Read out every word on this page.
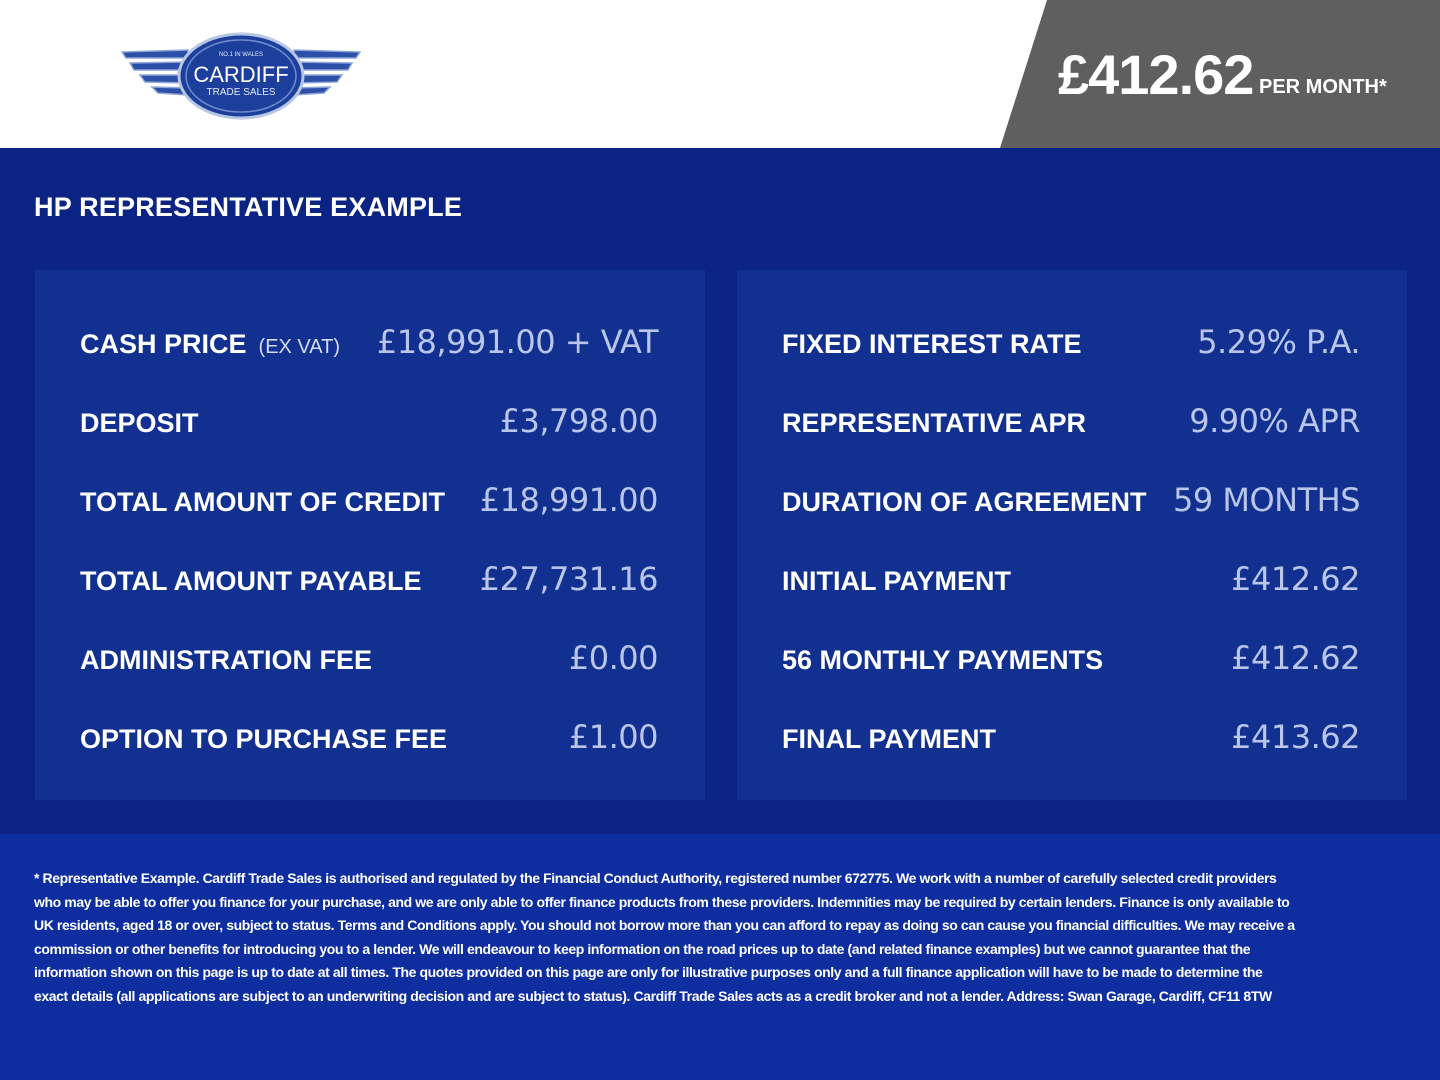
NO.1 IN WALES
CARDIFF
TRADE SALES	£412.62 PER MONTH*
HP REPRESENTATIVE EXAMPLE
CASH PRICE (EX VAT) £18,991.00 + VAT
DEPOSIT	£3,798.00
TOTAL AMOUNT OF CREDIT £18,991.00
TOTAL AMOUNT PAYABLE £27,731.16
ADMINISTRATION FEE	£0.00
OPTION TO PURCHASE FEE	£1.00
FIXED INTEREST RATE	5.29% P.A.
REPRESENTATIVE APR	9.90% APR
DURATION OF AGREEMENT 59 MONTHS
INITIAL PAYMENT	£412.62
56 MONTHLY PAYMENTS	£412.62
FINAL PAYMENT	£413.62
* Representative Example. Cardiff Trade Sales is authorised and regulated by the Financial Conduct Authority, registered number 672775. We work with a number of carefully selected credit providers who may be able to offer you finance for your purchase, and we are only able to offer finance products from these providers. Indemnities may be required by certain lenders. Finance is only available to UK residents, aged 18 or over, subject to status. Terms and Conditions apply. You should not borrow more than you can afford to repay as doing so can cause you financial difficulties. We may receive a commission or other benefits for introducing you to a lender. We will endeavour to keep information on the road prices up to date (and related finance examples) but we cannot guarantee that the information shown on this page is up to date at all times. The quotes provided on this page are only for illustrative purposes only and a full finance application will have to be made to determine the exact details (all applications are subject to an underwriting decision and are subject to status). Cardiff Trade Sales acts as a credit broker and not a lender. Address: Swan Garage, Cardiff, CF11 8TW
